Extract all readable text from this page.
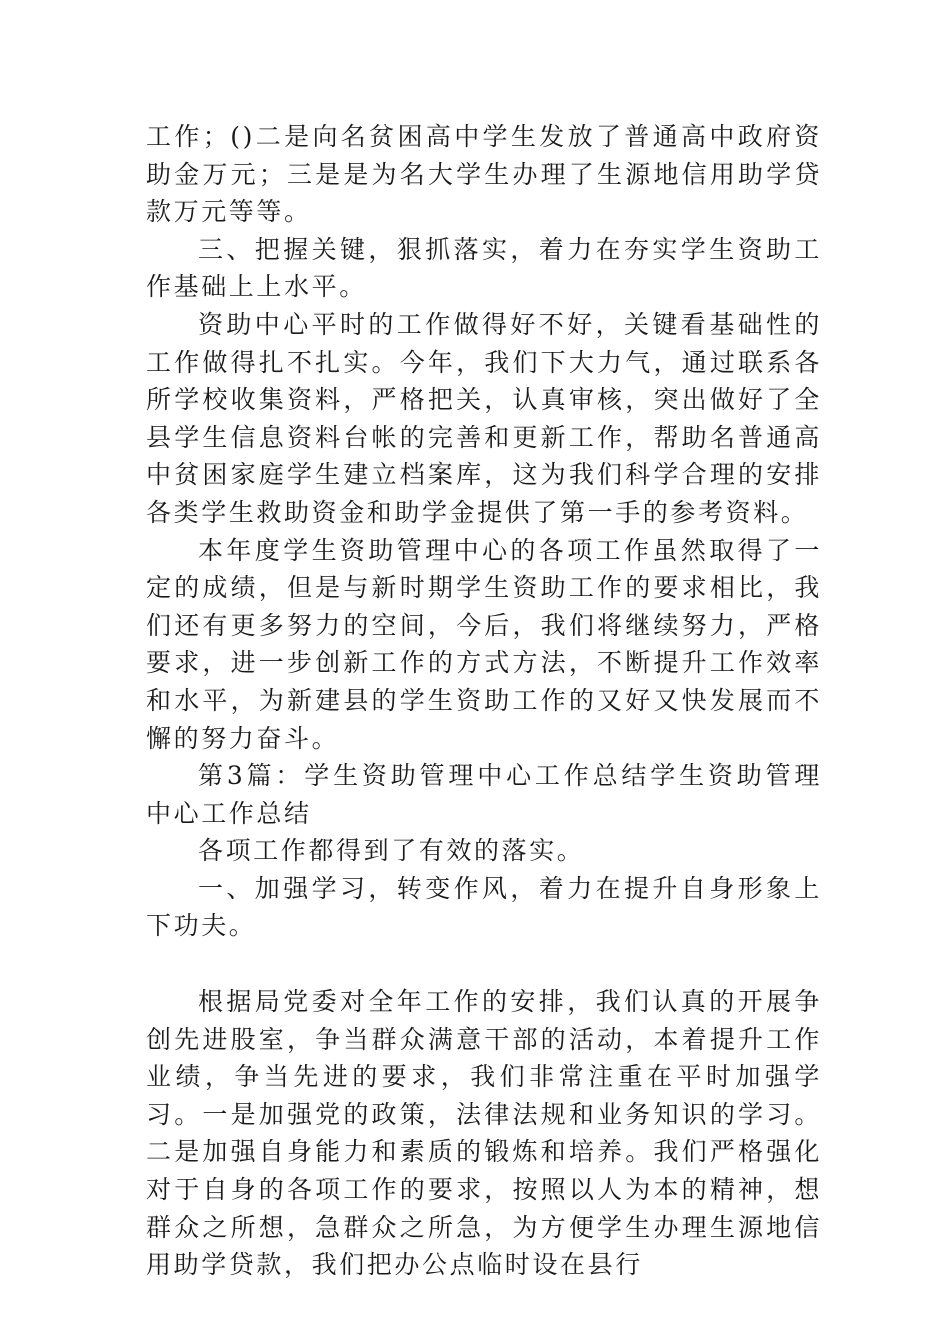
工作；()二是向名贫困高中学生发放了普通高中政府资助金万元；三是是为名大学生办理了生源地信用助学贷款万元等等。

三、把握关键，狠抓落实，着力在夯实学生资助工作基础上上水平。

资助中心平时的工作做得好不好，关键看基础性的工作做得扎不扎实。今年，我们下大力气，通过联系各所学校收集资料，严格把关，认真审核，突出做好了全县学生信息资料台帐的完善和更新工作，帮助名普通高中贫困家庭学生建立档案库，这为我们科学合理的安排各类学生救助资金和助学金提供了第一手的参考资料。

本年度学生资助管理中心的各项工作虽然取得了一定的成绩，但是与新时期学生资助工作的要求相比，我们还有更多努力的空间，今后，我们将继续努力，严格要求，进一步创新工作的方式方法，不断提升工作效率和水平，为新建县的学生资助工作的又好又快发展而不懈的努力奋斗。

第3篇：学生资助管理中心工作总结学生资助管理中心工作总结

各项工作都得到了有效的落实。

一、加强学习，转变作风，着力在提升自身形象上下功夫。

根据局党委对全年工作的安排，我们认真的开展争创先进股室，争当群众满意干部的活动，本着提升工作业绩，争当先进的要求，我们非常注重在平时加强学习。一是加强党的政策，法律法规和业务知识的学习。二是加强自身能力和素质的锻炼和培养。我们严格强化对于自身的各项工作的要求，按照以人为本的精神，想群众之所想，急群众之所急，为方便学生办理生源地信用助学贷款，我们把办公点临时设在县行
